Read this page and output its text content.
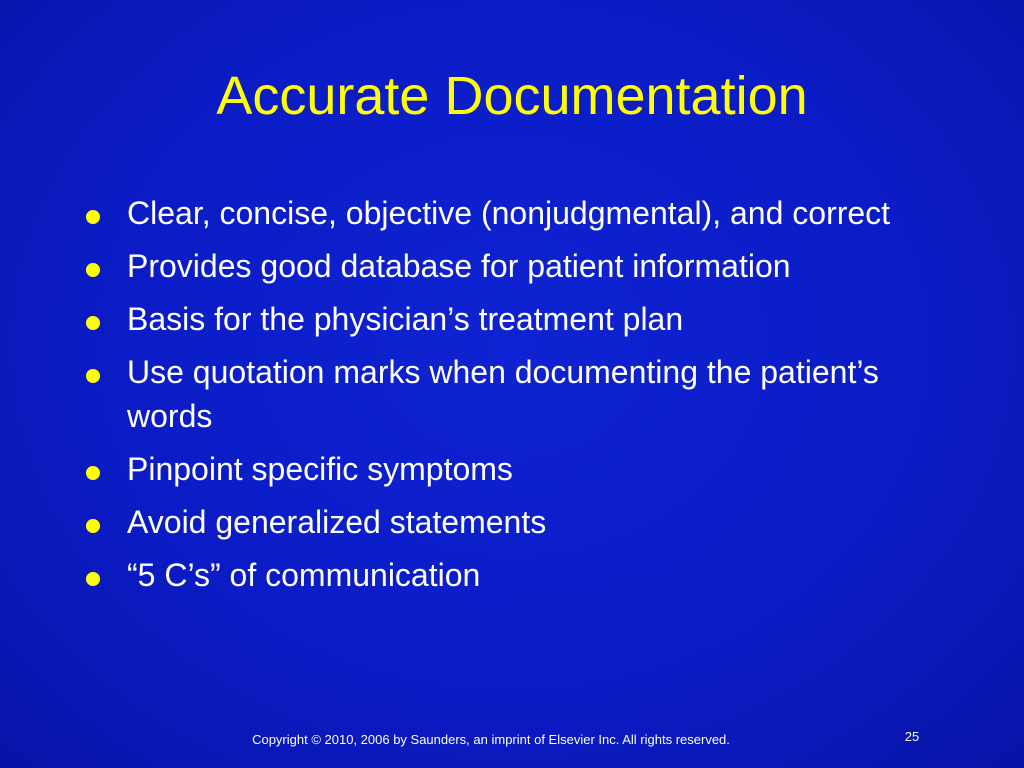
Accurate Documentation
Clear, concise, objective (nonjudgmental), and correct
Provides good database for patient information
Basis for the physician’s treatment plan
Use quotation marks when documenting the patient’s words
Pinpoint specific symptoms
Avoid generalized statements
“5 C’s” of communication
Copyright © 2010, 2006 by Saunders, an imprint of Elsevier Inc. All rights reserved.	25
